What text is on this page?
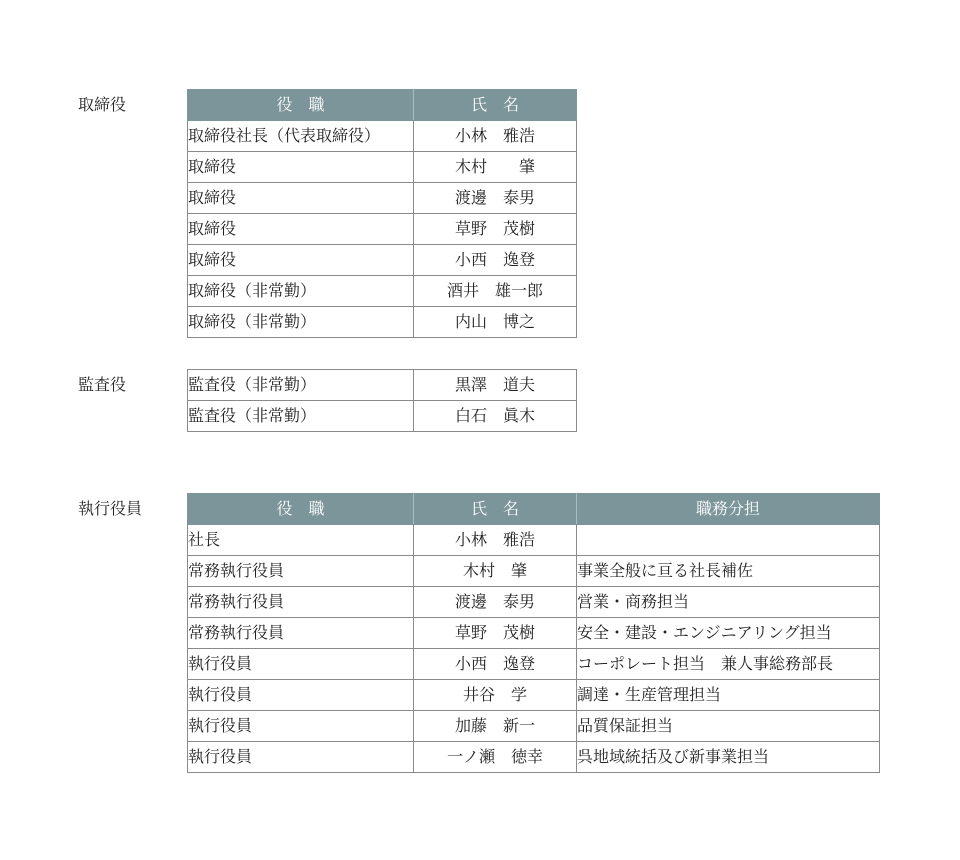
取締役	役　職	氏　名
取締役社長（代表取締役）	小林　雅浩
取締役	木村　　肇
取締役	渡邊　泰男
取締役	草野　茂樹
取締役	小西　逸登
取締役（非常勤）	酒井　雄一郎
取締役（非常勤）	内山　博之
監査役	監査役（非常勤）	黒澤　道夫
監査役（非常勤）	白石　眞木
執行役員	役　職	氏　名	職務分担
社長	小林　雅浩	
常務執行役員	木村　肇	事業全般に亘る社長補佐
常務執行役員	渡邊　泰男	営業・商務担当
常務執行役員	草野　茂樹	安全・建設・エンジニアリング担当
執行役員	小西　逸登	コーポレート担当　兼人事総務部長
執行役員	井谷　学	調達・生産管理担当
執行役員	加藤　新一	品質保証担当
執行役員	一ノ瀬　徳幸	呉地域統括及び新事業担当
